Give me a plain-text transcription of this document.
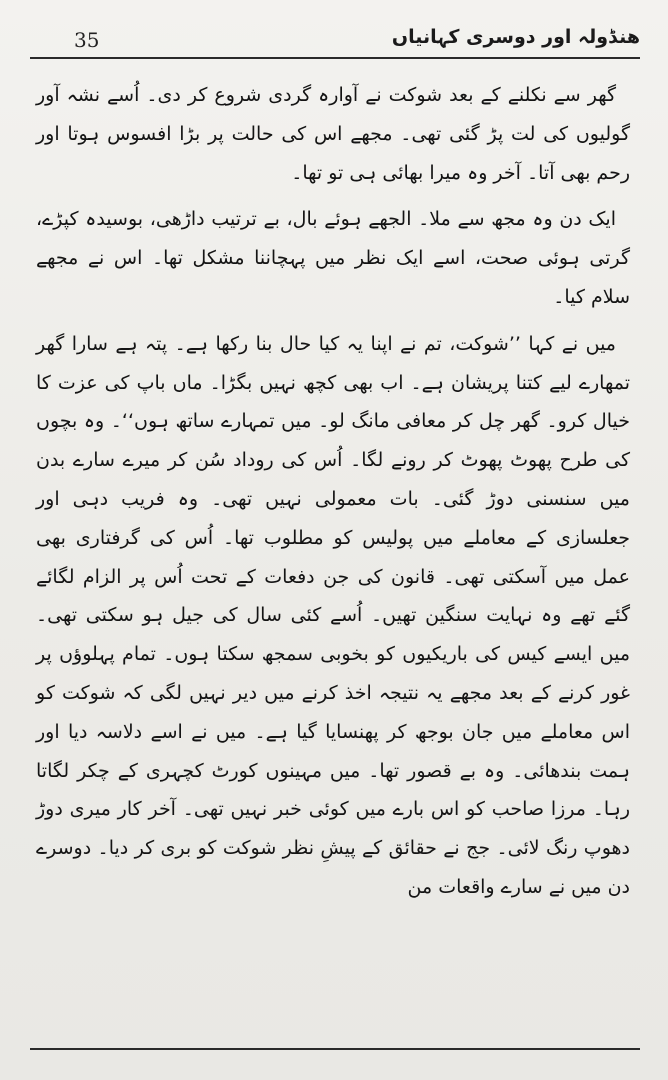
35	ھنڈولہ اور دوسری کہانیاں

گھر سے نکلنے کے بعد شوکت نے آوارہ گردی شروع کر دی۔ اُسے نشہ آور گولیوں کی لت پڑ گئی تھی۔ مجھے اس کی حالت پر بڑا افسوس ہوتا اور رحم بھی آتا۔ آخر وہ میرا بھائی ہی تو تھا۔

ایک دن وہ مجھ سے ملا۔ الجھے ہوئے بال، بے ترتیب داڑھی، بوسیدہ کپڑے، گرتی ہوئی صحت، اسے ایک نظر میں پہچاننا مشکل تھا۔ اس نے مجھے سلام کیا۔

میں نے کہا ’’شوکت، تم نے اپنا یہ کیا حال بنا رکھا ہے۔ پتہ ہے سارا گھر تمھارے لیے کتنا پریشان ہے۔ اب بھی کچھ نہیں بگڑا۔ ماں باپ کی عزت کا خیال کرو۔ گھر چل کر معافی مانگ لو۔ میں تمہارے ساتھ ہوں‘‘۔ وہ بچوں کی طرح پھوٹ پھوٹ کر رونے لگا۔ اُس کی روداد سُن کر میرے سارے بدن میں سنسنی دوڑ گئی۔ بات معمولی نہیں تھی۔ وہ فریب دہی اور جعلسازی کے معاملے میں پولیس کو مطلوب تھا۔ اُس کی گرفتاری بھی عمل میں آسکتی تھی۔ قانون کی جن دفعات کے تحت اُس پر الزام لگائے گئے تھے وہ نہایت سنگین تھیں۔ اُسے کئی سال کی جیل ہو سکتی تھی۔ میں ایسے کیس کی باریکیوں کو بخوبی سمجھ سکتا ہوں۔ تمام پہلوؤں پر غور کرنے کے بعد مجھے یہ نتیجہ اخذ کرنے میں دیر نہیں لگی کہ شوکت کو اس معاملے میں جان بوجھ کر پھنسایا گیا ہے۔ میں نے اسے دلاسہ دیا اور ہمت بندھائی۔ وہ بے قصور تھا۔ میں مہینوں کورٹ کچہری کے چکر لگاتا رہا۔ مرزا صاحب کو اس بارے میں کوئی خبر نہیں تھی۔ آخر کار میری دوڑ دھوپ رنگ لائی۔ جج نے حقائق کے پیشِ نظر شوکت کو بری کر دیا۔ دوسرے دن میں نے سارے واقعات من
